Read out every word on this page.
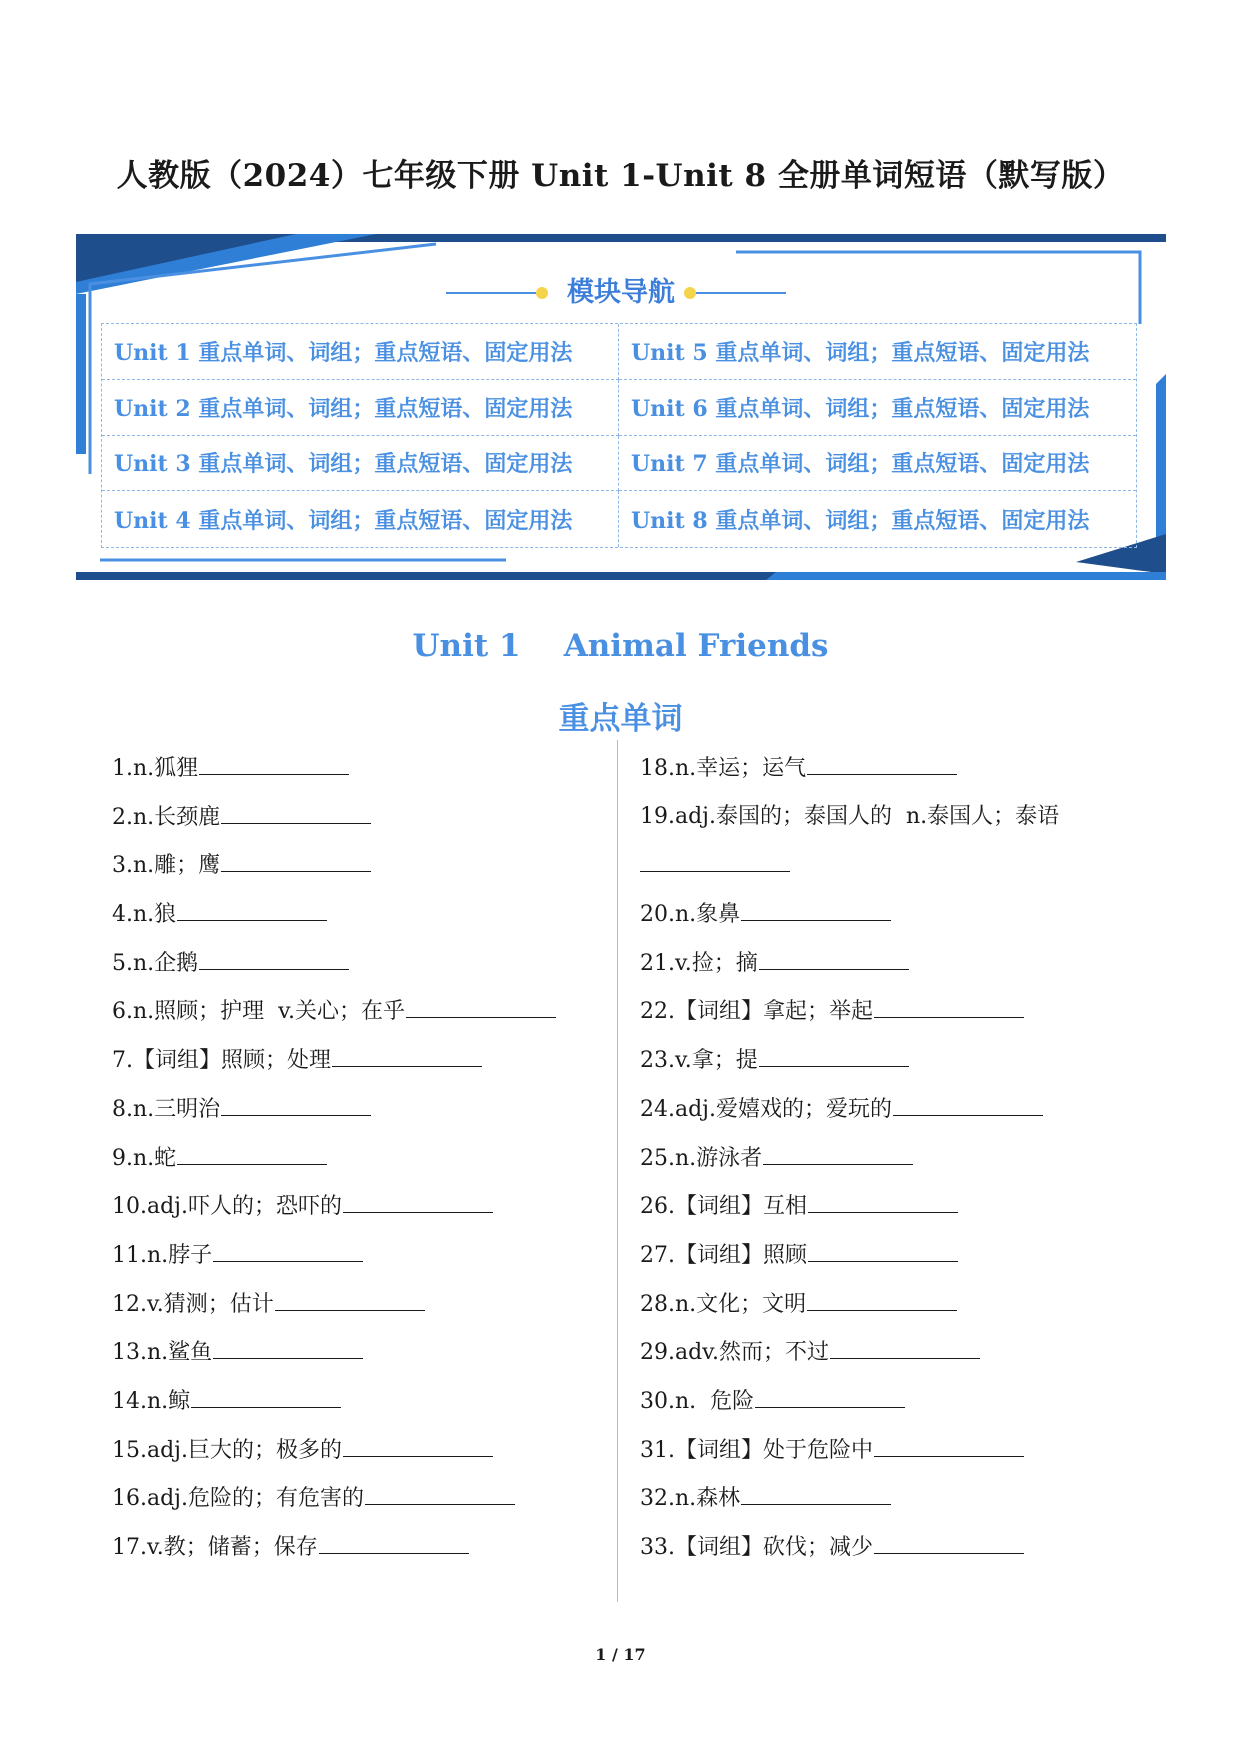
人教版（2024）七年级下册 Unit 1-Unit 8 全册单词短语（默写版）
模块导航
Unit 1 重点单词、词组；重点短语、固定用法	Unit 5 重点单词、词组；重点短语、固定用法
Unit 2 重点单词、词组；重点短语、固定用法	Unit 6 重点单词、词组；重点短语、固定用法
Unit 3 重点单词、词组；重点短语、固定用法	Unit 7 重点单词、词组；重点短语、固定用法
Unit 4 重点单词、词组；重点短语、固定用法	Unit 8 重点单词、词组；重点短语、固定用法
Unit 1    Animal Friends
重点单词
1.n.狐狸
2.n.长颈鹿
3.n.雕；鹰
4.n.狼
5.n.企鹅
6.n.照顾；护理  v.关心；在乎
7.【词组】照顾；处理
8.n.三明治
9.n.蛇
10.adj.吓人的；恐吓的
11.n.脖子
12.v.猜测；估计
13.n.鲨鱼
14.n.鲸
15.adj.巨大的；极多的
16.adj.危险的；有危害的
17.v.教；储蓄；保存
18.n.幸运；运气
19.adj.泰国的；泰国人的  n.泰国人；泰语
20.n.象鼻
21.v.捡；摘
22.【词组】拿起；举起
23.v.拿；提
24.adj.爱嬉戏的；爱玩的
25.n.游泳者
26.【词组】互相
27.【词组】照顾
28.n.文化；文明
29.adv.然而；不过
30.n.  危险
31.【词组】处于危险中
32.n.森林
33.【词组】砍伐；减少
1 / 17
